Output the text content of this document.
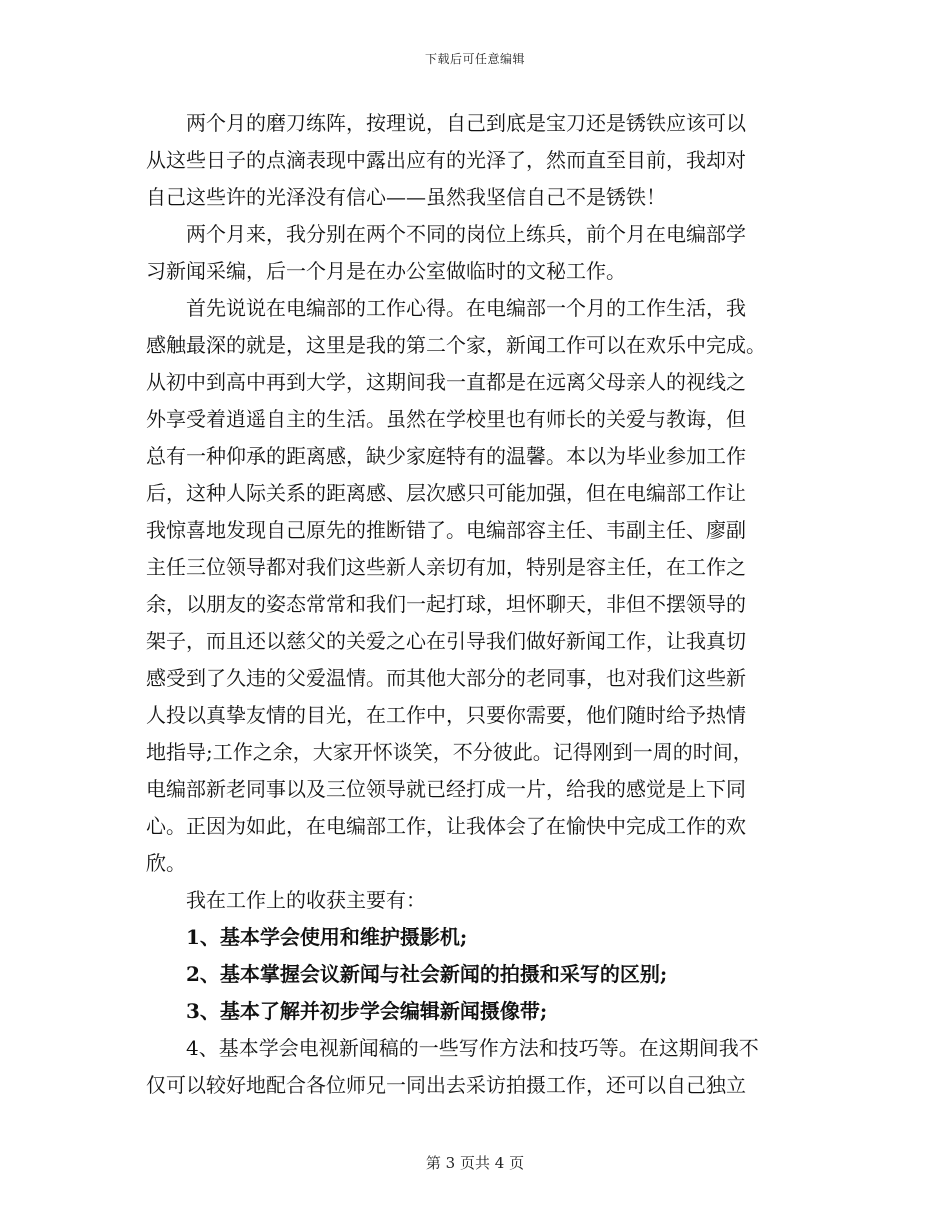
下载后可任意编辑
两个月的磨刀练阵，按理说，自己到底是宝刀还是锈铁应该可以
从这些日子的点滴表现中露出应有的光泽了，然而直至目前，我却对
自己这些许的光泽没有信心——虽然我坚信自己不是锈铁！
两个月来，我分别在两个不同的岗位上练兵，前个月在电编部学
习新闻采编，后一个月是在办公室做临时的文秘工作。
首先说说在电编部的工作心得。在电编部一个月的工作生活，我
感触最深的就是，这里是我的第二个家，新闻工作可以在欢乐中完成。
从初中到高中再到大学，这期间我一直都是在远离父母亲人的视线之
外享受着逍遥自主的生活。虽然在学校里也有师长的关爱与教诲，但
总有一种仰承的距离感，缺少家庭特有的温馨。本以为毕业参加工作
后，这种人际关系的距离感、层次感只可能加强，但在电编部工作让
我惊喜地发现自己原先的推断错了。电编部容主任、韦副主任、廖副
主任三位领导都对我们这些新人亲切有加，特别是容主任，在工作之
余，以朋友的姿态常常和我们一起打球，坦怀聊天，非但不摆领导的
架子，而且还以慈父的关爱之心在引导我们做好新闻工作，让我真切
感受到了久违的父爱温情。而其他大部分的老同事，也对我们这些新
人投以真挚友情的目光，在工作中，只要你需要，他们随时给予热情
地指导;工作之余，大家开怀谈笑，不分彼此。记得刚到一周的时间，
电编部新老同事以及三位领导就已经打成一片，给我的感觉是上下同
心。正因为如此，在电编部工作，让我体会了在愉快中完成工作的欢
欣。
我在工作上的收获主要有：
1、基本学会使用和维护摄影机;
2、基本掌握会议新闻与社会新闻的拍摄和采写的区别;
3、基本了解并初步学会编辑新闻摄像带;
4、基本学会电视新闻稿的一些写作方法和技巧等。在这期间我不
仅可以较好地配合各位师兄一同出去采访拍摄工作，还可以自己独立
第 3 页共 4 页
